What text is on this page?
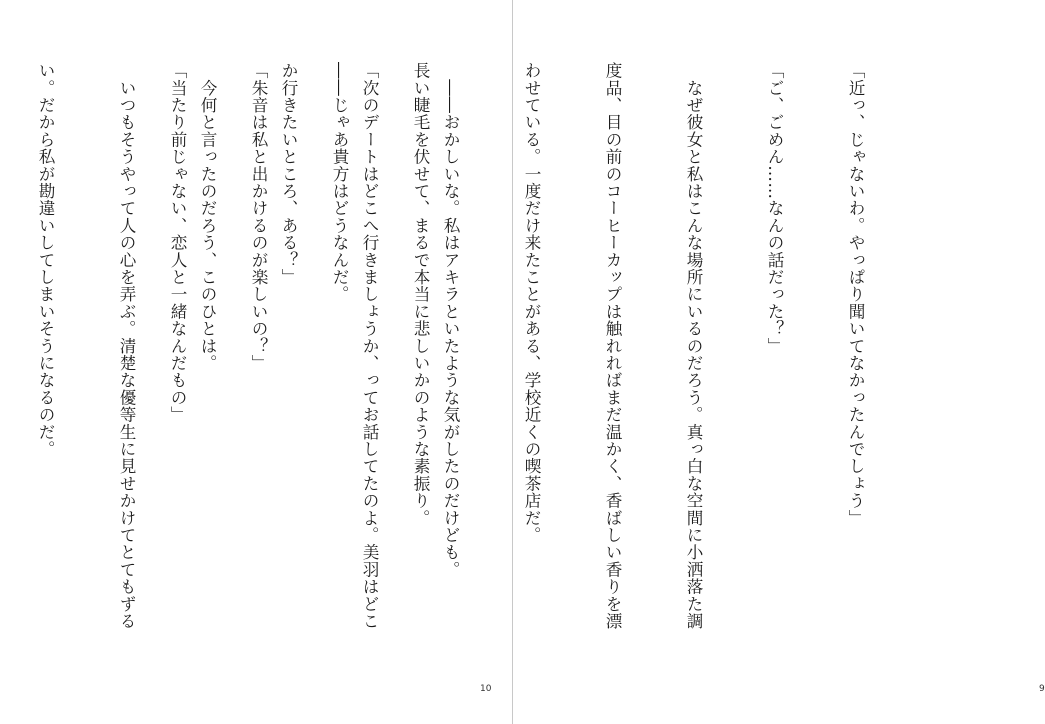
長い睫毛を伏せて、まるで本当に悲しいかのような素振り。

――じゃあ貴方はどうなんだ。

「朱音は私と出かけるのが楽しいの？」

「当たり前じゃない、恋人と一緒なんだもの」

10

「近っ、じゃないわ。やっぱり聞いてなかったんでしょう」

「ご、ごめん……なんの話だった？」

　なぜ彼女と私はこんな場所にいるのだろう。真っ白な空間に小洒落た調

度品、目の前のコーヒーカップは触れればまだ温かく、香ばしい香りを漂

わせている。一度だけ来たことがある、学校近くの喫茶店だ。

　――おかしいな。私はアキラといたような気がしたのだけども。

「次のデートはどこへ行きましょうか、ってお話してたのよ。美羽はどこ

か行きたいところ、ある？」

　今何と言ったのだろう、このひとは。

　いつもそうやって人の心を弄ぶ。清楚な優等生に見せかけてとてもずる

い。だから私が勘違いしてしまいそうになるのだ。

9
